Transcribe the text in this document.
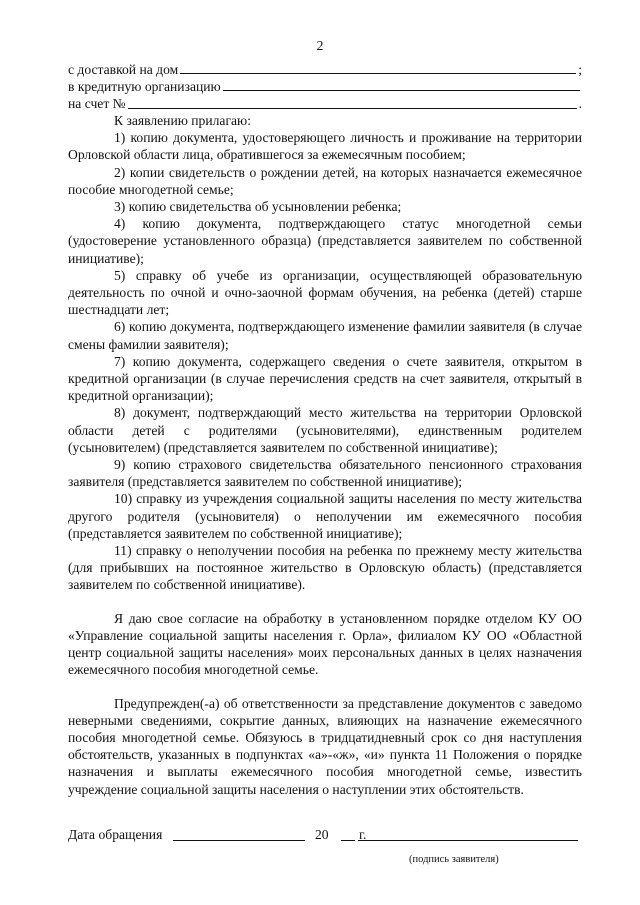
2
с доставкой на дом	;
в кредитную организацию
на счет №	.

К заявлению прилагаю:

1) копию документа, удостоверяющего личность и проживание на территории Орловской области лица, обратившегося за ежемесячным пособием;

2) копии свидетельств о рождении детей, на которых назначается ежемесячное пособие многодетной семье;

3) копию свидетельства об усыновлении ребенка;

4) копию документа, подтверждающего статус многодетной семьи (удостоверение установленного образца) (представляется заявителем по собственной инициативе);

5) справку об учебе из организации, осуществляющей образовательную деятельность по очной и очно-заочной формам обучения, на ребенка (детей) старше шестнадцати лет;

6) копию документа, подтверждающего изменение фамилии заявителя (в случае смены фамилии заявителя);

7) копию документа, содержащего сведения о счете заявителя, открытом в кредитной организации (в случае перечисления средств на счет заявителя, открытый в кредитной организации);

8) документ, подтверждающий место жительства на территории Орловской области детей с родителями (усыновителями), единственным родителем (усыновителем) (представляется заявителем по собственной инициативе);

9) копию страхового свидетельства обязательного пенсионного страхования заявителя (представляется заявителем по собственной инициативе);

10) справку из учреждения социальной защиты населения по месту жительства другого родителя (усыновителя) о неполучении им ежемесячного пособия (представляется заявителем по собственной инициативе);

11) справку о неполучении пособия на ребенка по прежнему месту жительства (для прибывших на постоянное жительство в Орловскую область) (представляется заявителем по собственной инициативе).

Я даю свое согласие на обработку в установленном порядке отделом КУ ОО «Управление социальной защиты населения г. Орла», филиалом КУ ОО «Областной центр социальной защиты населения» моих персональных данных в целях назначения ежемесячного пособия многодетной семье.

Предупрежден(-а) об ответственности за представление документов с заведомо неверными сведениями, сокрытие данных, влияющих на назначение ежемесячного пособия многодетной семье. Обязуюсь в тридцатидневный срок со дня наступления обстоятельств, указанных в подпунктах «а»-«ж», «и» пункта 11 Положения о порядке назначения и выплаты ежемесячного пособия многодетной семье, известить учреждение социальной защиты населения о наступлении этих обстоятельств.

Дата обращения	20 г.
(подпись заявителя)
